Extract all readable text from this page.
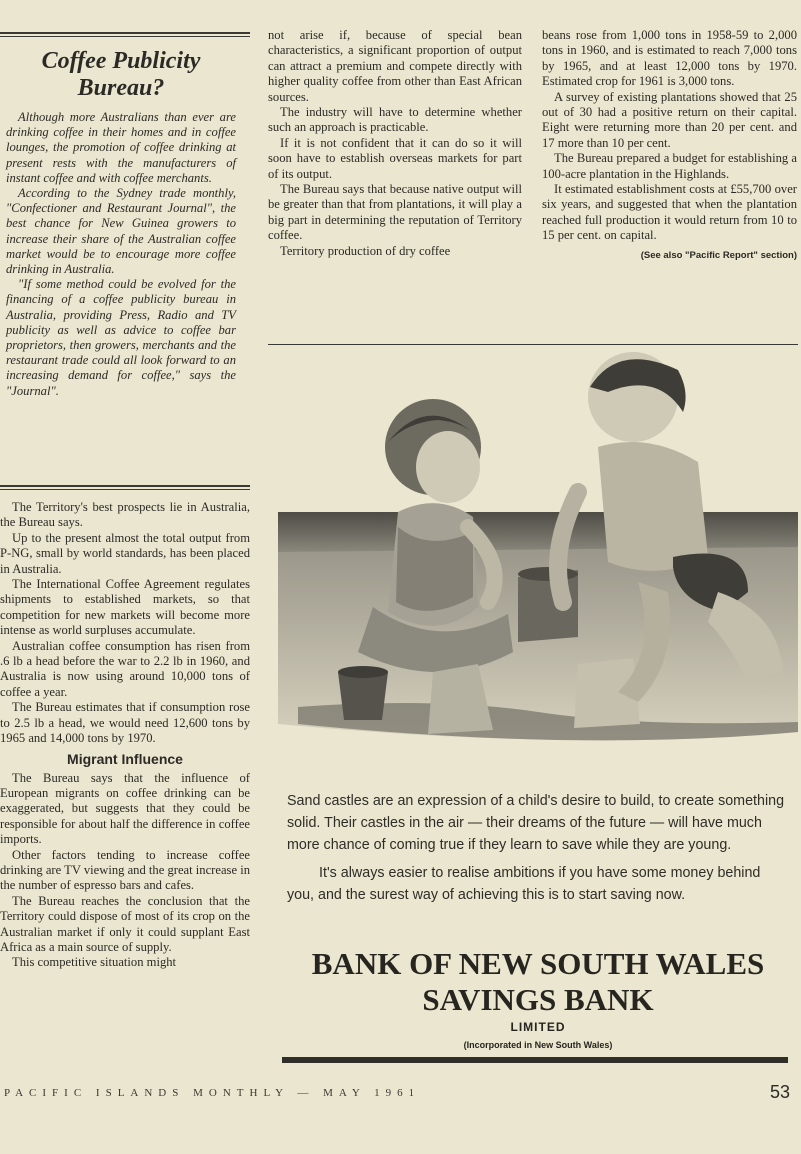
Coffee Publicity Bureau?

Although more Australians than ever are drinking coffee in their homes and in coffee lounges, the promotion of coffee drinking at present rests with the manufacturers of instant coffee and with coffee merchants.

According to the Sydney trade monthly, "Confectioner and Restaurant Journal", the best chance for New Guinea growers to increase their share of the Australian coffee market would be to encourage more coffee drinking in Australia.

"If some method could be evolved for the financing of a coffee publicity bureau in Australia, providing Press, Radio and TV publicity as well as advice to coffee bar proprietors, then growers, merchants and the restaurant trade could all look forward to an increasing demand for coffee," says the "Journal".

The Territory's best prospects lie in Australia, the Bureau says.

Up to the present almost the total output from P-NG, small by world standards, has been placed in Australia.

The International Coffee Agreement regulates shipments to established markets, so that competition for new markets will become more intense as world surpluses accumulate.

Australian coffee consumption has risen from .6 lb a head before the war to 2.2 lb in 1960, and Australia is now using around 10,000 tons of coffee a year.

The Bureau estimates that if consumption rose to 2.5 lb a head, we would need 12,600 tons by 1965 and 14,000 tons by 1970.

Migrant Influence

The Bureau says that the influence of European migrants on coffee drinking can be exaggerated, but suggests that they could be responsible for about half the difference in coffee imports.

Other factors tending to increase coffee drinking are TV viewing and the great increase in the number of espresso bars and cafes.

The Bureau reaches the conclusion that the Territory could dispose of most of its crop on the Australian market if only it could supplant East Africa as a main source of supply.

This competitive situation might

not arise if, because of special bean characteristics, a significant proportion of output can attract a premium and compete directly with higher quality coffee from other than East African sources.

The industry will have to determine whether such an approach is practicable.

If it is not confident that it can do so it will soon have to establish overseas markets for part of its output.

The Bureau says that because native output will be greater than that from plantations, it will play a big part in determining the reputation of Territory coffee.

Territory production of dry coffee

beans rose from 1,000 tons in 1958-59 to 2,000 tons in 1960, and is estimated to reach 7,000 tons by 1965, and at least 12,000 tons by 1970. Estimated crop for 1961 is 3,000 tons.

A survey of existing plantations showed that 25 out of 30 had a positive return on their capital. Eight were returning more than 20 per cent. and 17 more than 10 per cent.

The Bureau prepared a budget for establishing a 100-acre plantation in the Highlands.

It estimated establishment costs at £55,700 over six years, and suggested that when the plantation reached full production it would return from 10 to 15 per cent. on capital.

(See also "Pacific Report" section)

Sand castles are an expression of a child's desire to build, to create something solid. Their castles in the air — their dreams of the future — will have much more chance of coming true if they learn to save while they are young.

It's always easier to realise ambitions if you have some money behind you, and the surest way of achieving this is to start saving now.

BANK OF NEW SOUTH WALES

SAVINGS BANK

LIMITED

(Incorporated in New South Wales)

PACIFIC ISLANDS MONTHLY — MAY 1961	53
